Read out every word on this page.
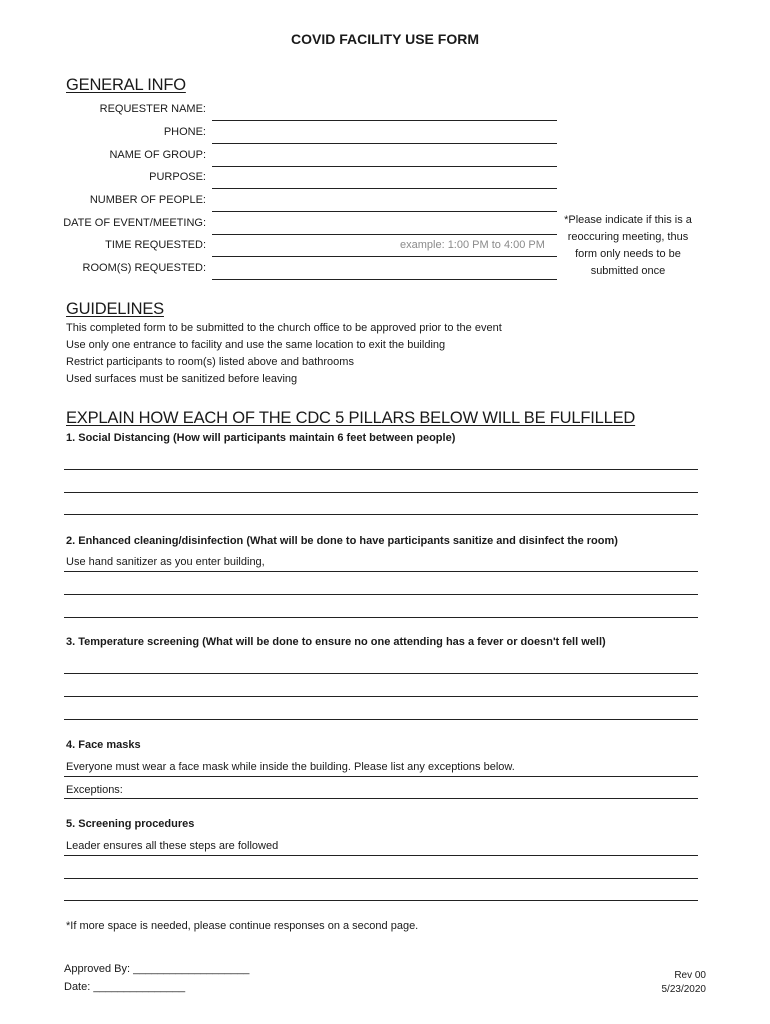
COVID FACILITY USE FORM
GENERAL INFO
REQUESTER NAME:
PHONE:
NAME OF GROUP:
PURPOSE:
NUMBER OF PEOPLE:
DATE OF EVENT/MEETING:
TIME REQUESTED:	example: 1:00 PM to 4:00 PM
ROOM(S) REQUESTED:
*Please indicate if this is a reoccuring meeting, thus form only needs to be submitted once
GUIDELINES
This completed form to be submitted to the church office to be approved prior to the event
Use only one entrance to facility and use the same location to exit the building
Restrict participants to room(s) listed above and bathrooms
Used surfaces must be sanitized before leaving
EXPLAIN HOW EACH OF THE CDC 5 PILLARS BELOW WILL BE FULFILLED
1. Social Distancing (How will participants maintain 6 feet between people)
2. Enhanced cleaning/disinfection (What will be done to have participants sanitize and disinfect the room)
Use hand sanitizer as you enter building,
3. Temperature screening (What will be done to ensure no one attending has a fever or doesn't fell well)
4. Face masks
Everyone must wear a face mask while inside the building. Please list any exceptions below.
Exceptions:
5. Screening procedures
Leader ensures all these steps are followed
*If more space is needed, please continue responses on a second page.
Approved By: ___________________
Date: _______________
Rev 00
5/23/2020
